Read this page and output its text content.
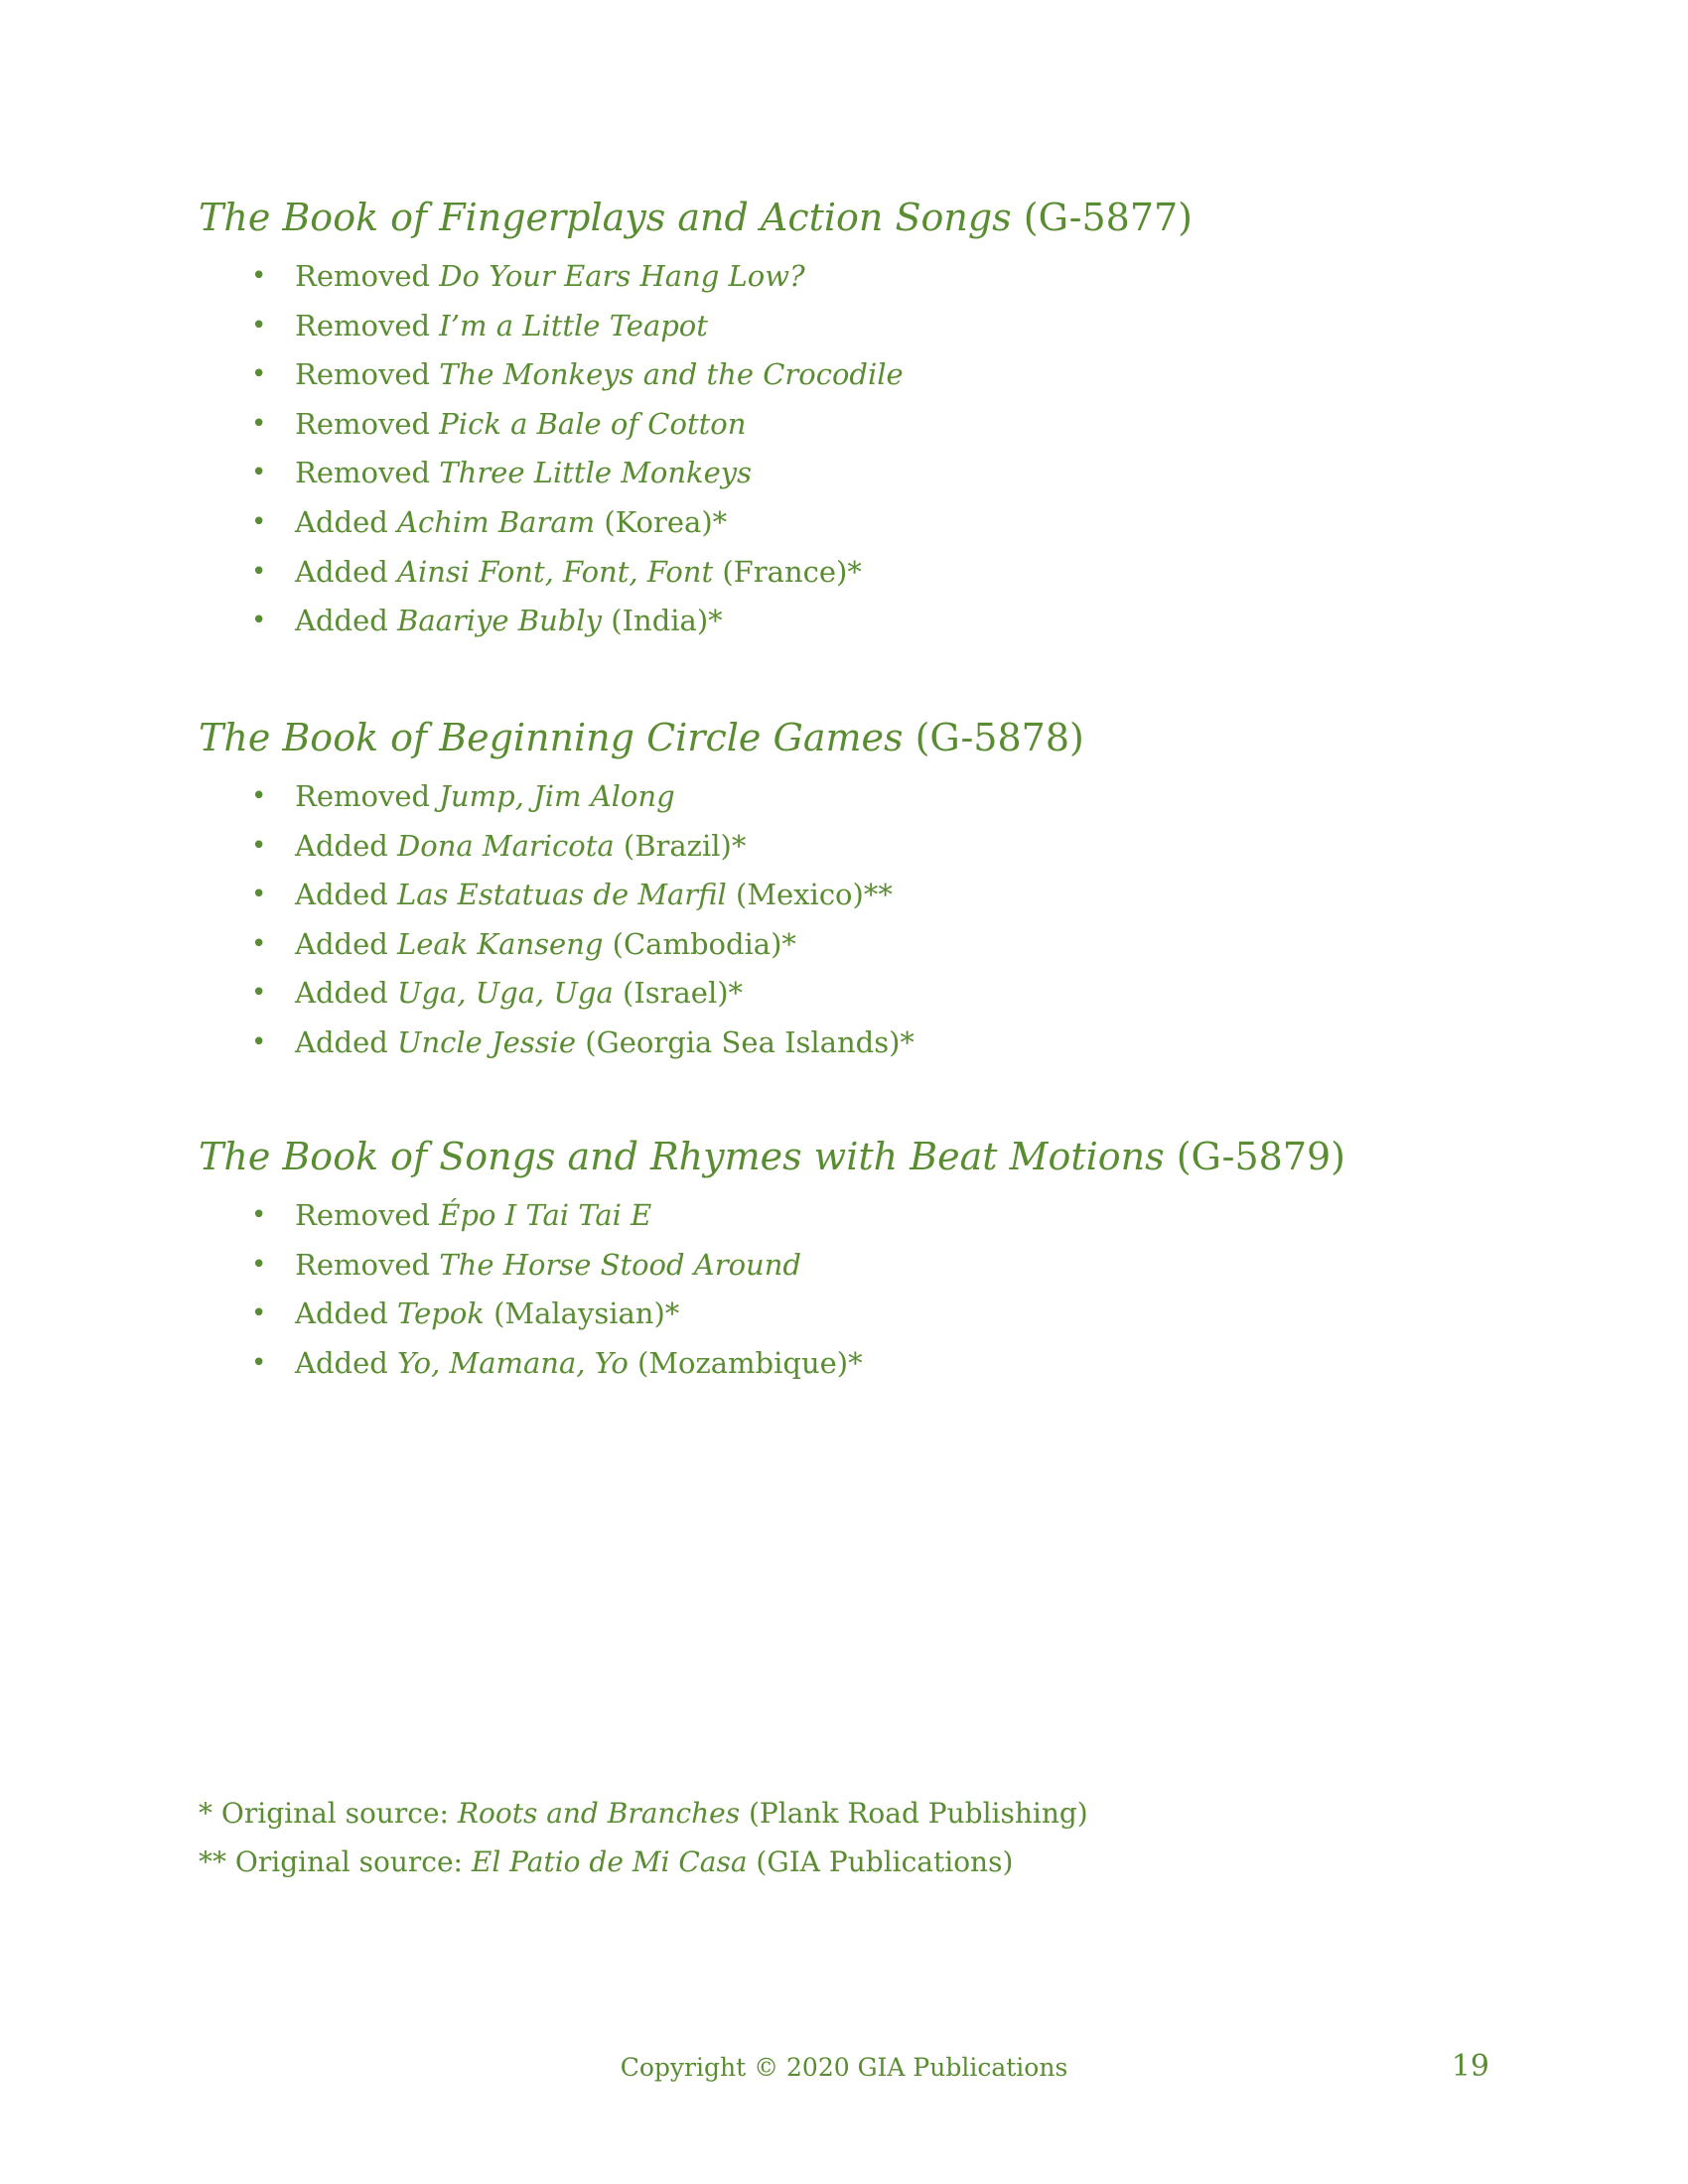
The Book of Fingerplays and Action Songs (G-5877)
• Removed Do Your Ears Hang Low?
• Removed I’m a Little Teapot
• Removed The Monkeys and the Crocodile
• Removed Pick a Bale of Cotton
• Removed Three Little Monkeys
• Added Achim Baram (Korea)*
• Added Ainsi Font, Font, Font (France)*
• Added Baariye Bubly (India)*
The Book of Beginning Circle Games (G-5878)
• Removed Jump, Jim Along
• Added Dona Maricota (Brazil)*
• Added Las Estatuas de Marfil (Mexico)**
• Added Leak Kanseng (Cambodia)*
• Added Uga, Uga, Uga (Israel)*
• Added Uncle Jessie (Georgia Sea Islands)*
The Book of Songs and Rhymes with Beat Motions (G-5879)
• Removed Épo I Tai Tai E
• Removed The Horse Stood Around
• Added Tepok (Malaysian)*
• Added Yo, Mamana, Yo (Mozambique)*
* Original source: Roots and Branches (Plank Road Publishing)
** Original source: El Patio de Mi Casa (GIA Publications)
Copyright © 2020 GIA Publications	19
